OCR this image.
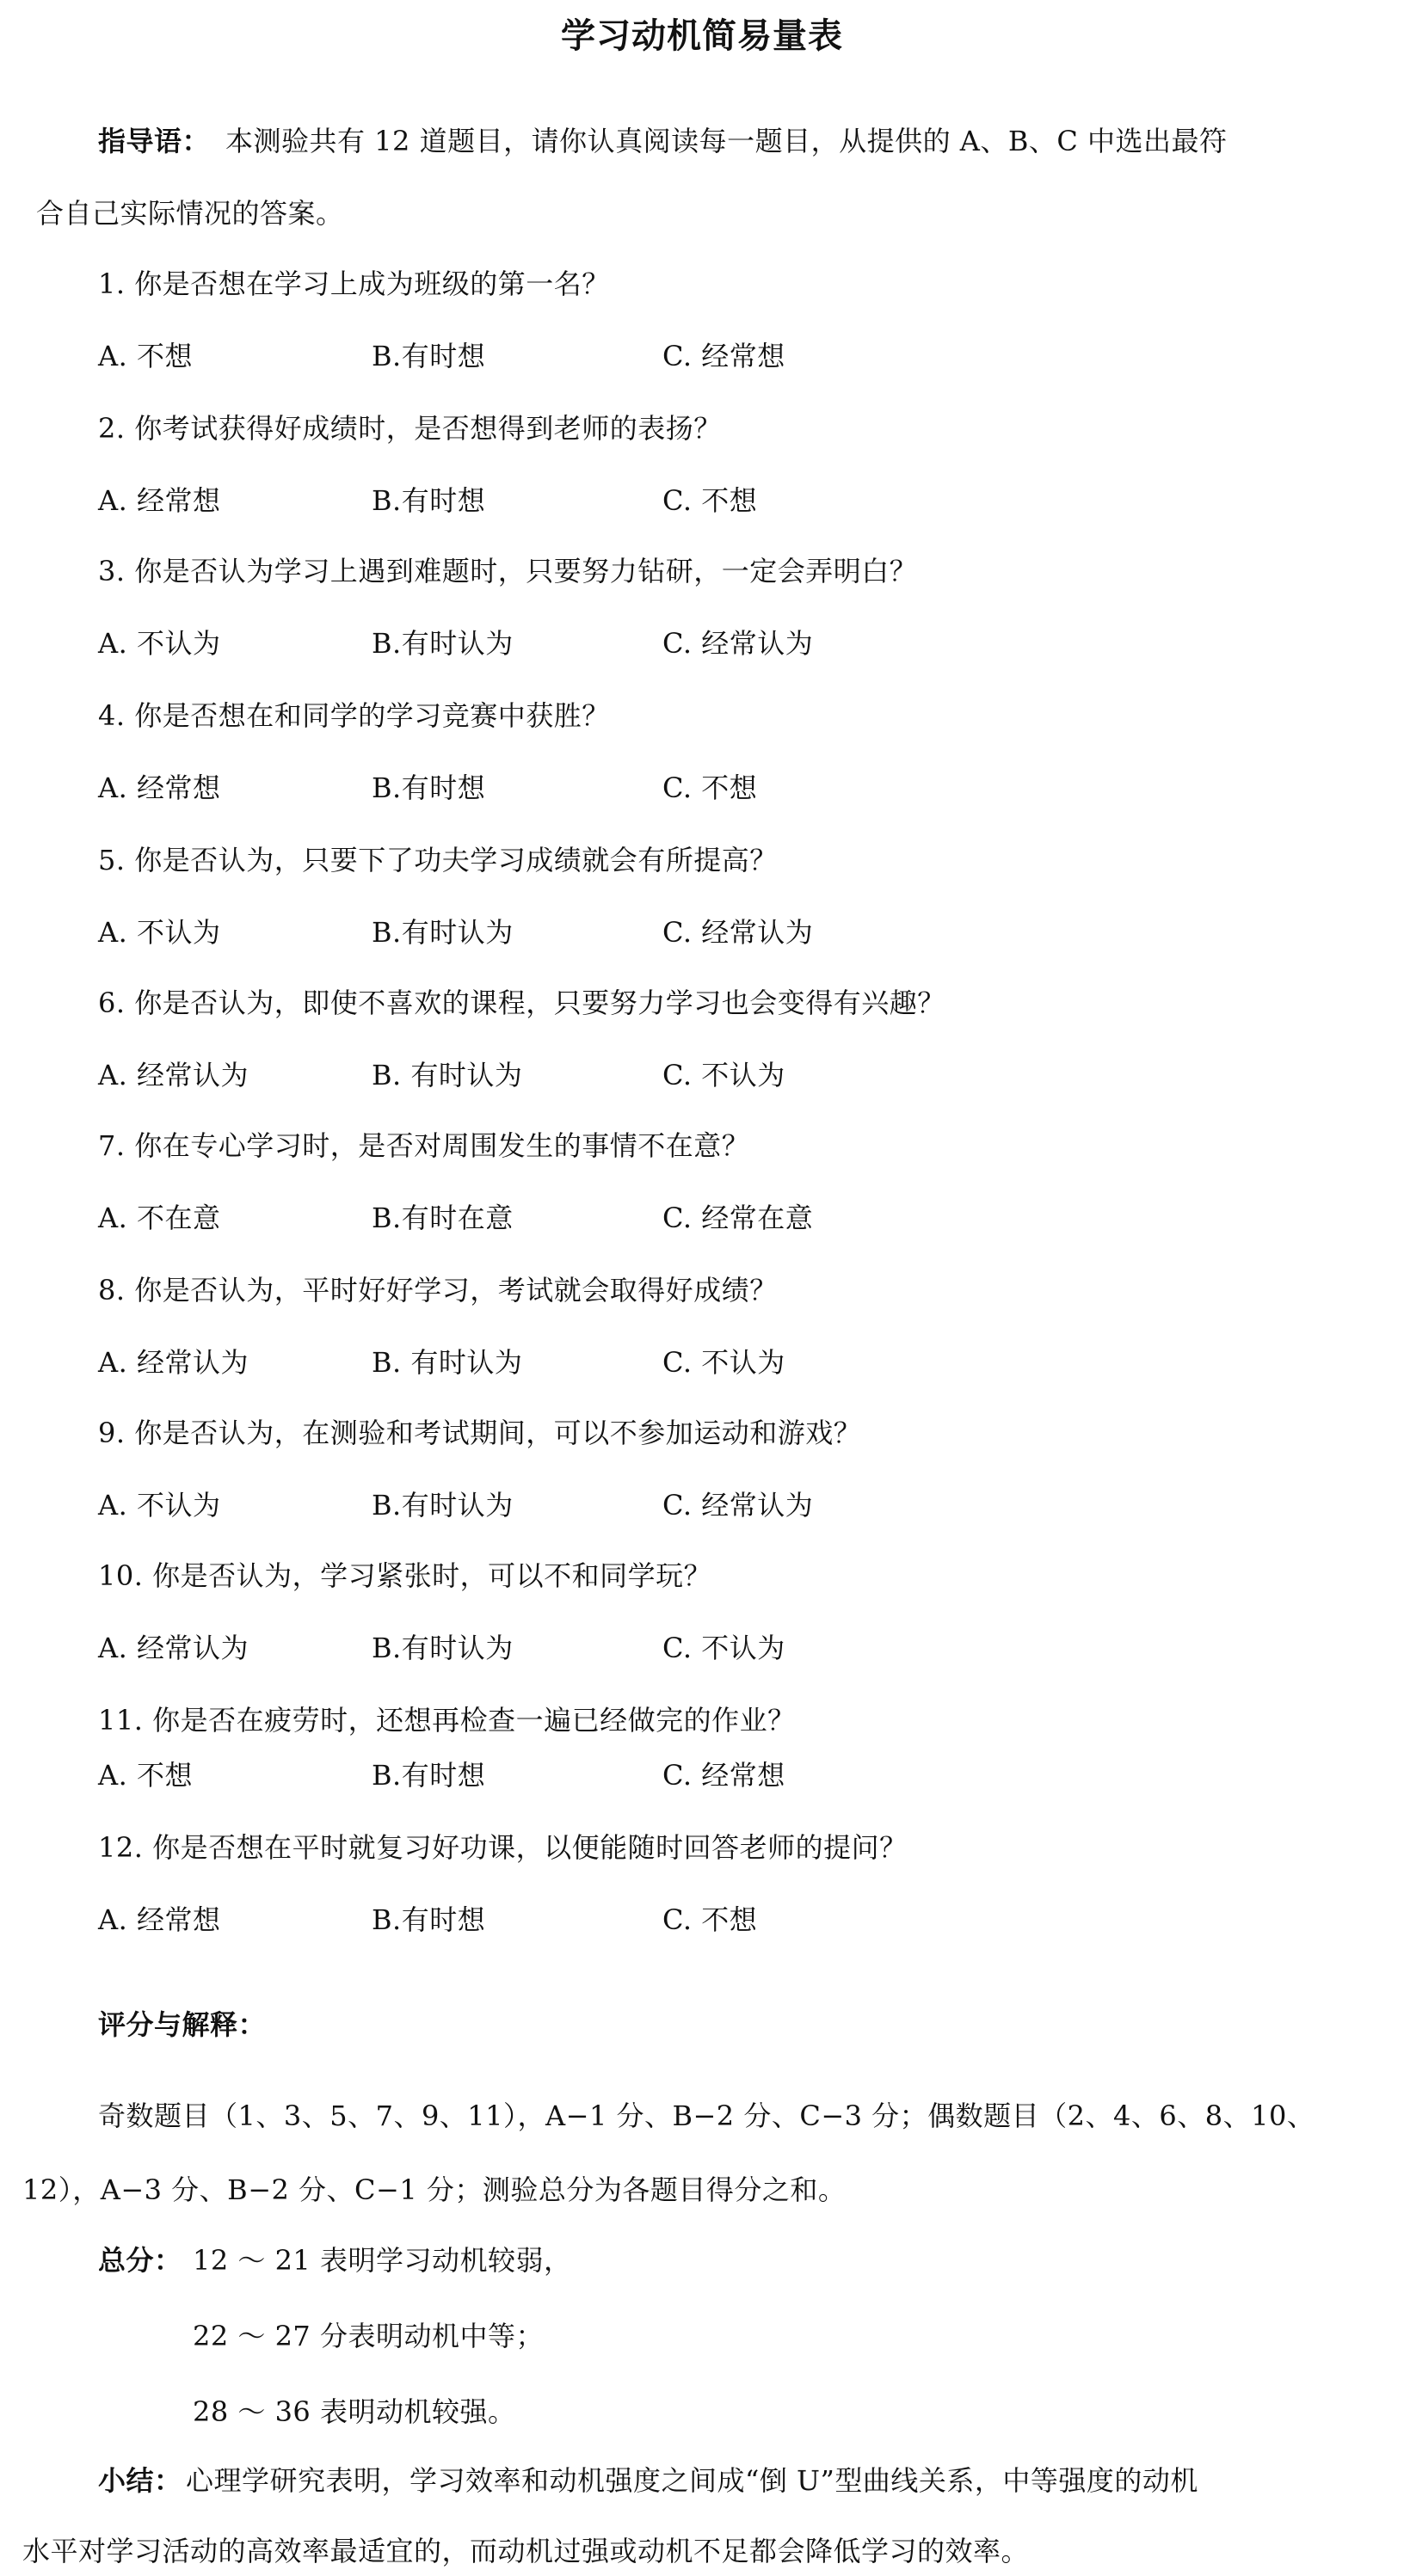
学习动机简易量表
指导语： 本测验共有 12 道题目，请你认真阅读每一题目，从提供的 A、B、C 中选出最符
合自己实际情况的答案。
1. 你是否想在学习上成为班级的第一名？
A. 不想	B.有时想	C. 经常想
2. 你考试获得好成绩时，是否想得到老师的表扬？
A. 经常想	B.有时想	C. 不想
3. 你是否认为学习上遇到难题时，只要努力钻研，一定会弄明白？
A. 不认为	B.有时认为	C. 经常认为
4. 你是否想在和同学的学习竞赛中获胜？
A. 经常想	B.有时想	C. 不想
5. 你是否认为，只要下了功夫学习成绩就会有所提高？
A. 不认为	B.有时认为	C. 经常认为
6. 你是否认为，即使不喜欢的课程，只要努力学习也会变得有兴趣？
A. 经常认为	B. 有时认为	C. 不认为
7. 你在专心学习时，是否对周围发生的事情不在意？
A. 不在意	B.有时在意	C. 经常在意
8. 你是否认为，平时好好学习，考试就会取得好成绩？
A. 经常认为	B. 有时认为	C. 不认为
9. 你是否认为，在测验和考试期间，可以不参加运动和游戏？
A. 不认为	B.有时认为	C. 经常认为
10. 你是否认为，学习紧张时，可以不和同学玩？
A. 经常认为	B.有时认为	C. 不认为
11. 你是否在疲劳时，还想再检查一遍已经做完的作业？
A. 不想	B.有时想	C. 经常想
12. 你是否想在平时就复习好功课，以便能随时回答老师的提问？
A. 经常想	B.有时想	C. 不想
评分与解释：
奇数题目（1、3、5、7、9、11），A−1 分、B−2 分、C−3 分；偶数题目（2、4、6、8、10、
12），A−3 分、B−2 分、C−1 分；测验总分为各题目得分之和。
总分： 12 ～ 21 表明学习动机较弱，
22 ～ 27 分表明动机中等；
28 ～ 36 表明动机较强。
小结： 心理学研究表明，学习效率和动机强度之间成“倒 U”型曲线关系，中等强度的动机
水平对学习活动的高效率最适宜的，而动机过强或动机不足都会降低学习的效率。
